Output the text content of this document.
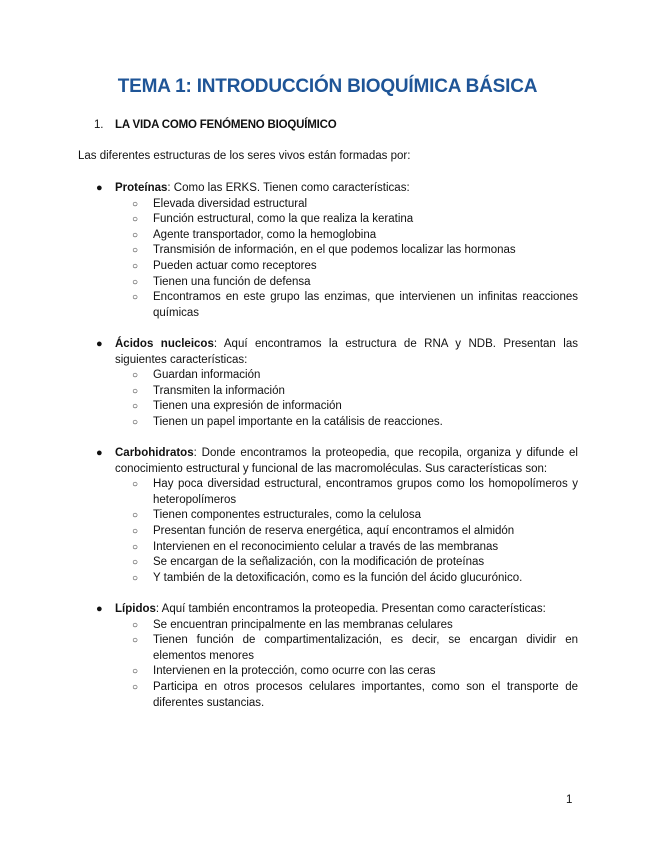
TEMA 1: INTRODUCCIÓN BIOQUÍMICA BÁSICA
1. LA VIDA COMO FENÓMENO BIOQUÍMICO
Las diferentes estructuras de los seres vivos están formadas por:
● Proteínas: Como las ERKS. Tienen como características:
○ Elevada diversidad estructural
○ Función estructural, como la que realiza la keratina
○ Agente transportador, como la hemoglobina
○ Transmisión de información, en el que podemos localizar las hormonas
○ Pueden actuar como receptores
○ Tienen una función de defensa
○ Encontramos en este grupo las enzimas, que intervienen un infinitas reacciones químicas
● Ácidos nucleicos: Aquí encontramos la estructura de RNA y NDB. Presentan las siguientes características:
○ Guardan información
○ Transmiten la información
○ Tienen una expresión de información
○ Tienen un papel importante en la catálisis de reacciones.
● Carbohidratos: Donde encontramos la proteopedia, que recopila, organiza y difunde el conocimiento estructural y funcional de las macromoléculas. Sus características son:
○ Hay poca diversidad estructural, encontramos grupos como los homopolímeros y heteropolímeros
○ Tienen componentes estructurales, como la celulosa
○ Presentan función de reserva energética, aquí encontramos el almidón
○ Intervienen en el reconocimiento celular a través de las membranas
○ Se encargan de la señalización, con la modificación de proteínas
○ Y también de la detoxificación, como es la función del ácido glucurónico.
● Lípidos: Aquí también encontramos la proteopedia. Presentan como características:
○ Se encuentran principalmente en las membranas celulares
○ Tienen función de compartimentalización, es decir, se encargan dividir en elementos menores
○ Intervienen en la protección, como ocurre con las ceras
○ Participa en otros procesos celulares importantes, como son el transporte de diferentes sustancias.
1
